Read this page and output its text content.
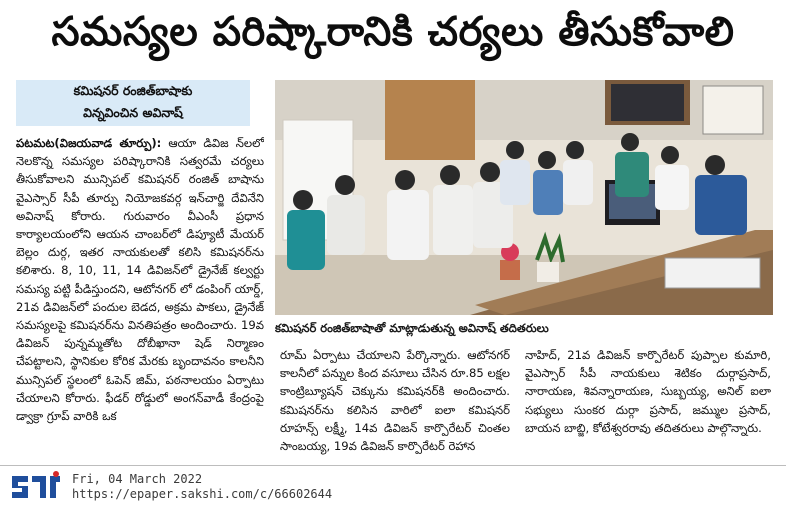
సమస్యల పరిష్కారానికి చర్యలు తీసుకోవాలి
కమిషనర్ రంజిత్‌బాషాకు
విన్నవించిన అవినాష్

పటమట(విజయవాడ తూర్పు): ఆయా డివిజ న్‌లలో నెలకొన్న సమస్యల పరిష్కారానికి సత్వరమే చర్యలు తీసుకోవాలని మున్సిపల్ కమిషనర్ రంజిత్ బాషాను వైఎస్సార్ సీపీ తూర్పు నియోజకవర్గ ఇన్‌చార్జి దేవినేని అవినాష్ కోరారు. గురువారం వీఎంసీ ప్రధాన కార్యాలయంలోని ఆయన చాంబర్‌లో డిప్యూటీ మేయర్ బెల్లం దుర్గ, ఇతర నాయకులతో కలిసి కమిషనర్‌ను కలిశారు. 8, 10, 11, 14 డివిజన్‌లో డ్రైనేజ్ కల్వర్టు సమస్య పట్టి పీడిస్తుందని, ఆటోనగర్ లో డంపింగ్ యార్డ్, 21వ డివిజన్‌లో పందుల బెడద, అక్రమ పాకలు, డ్రైనేజ్ సమస్యలపై కమిషనర్‌ను వినతిపత్రం అందించారు. 19వ డివిజన్ పున్నమ్మతోట దోబీఖానా షెడ్ నిర్మాణం చేపట్టాలని, స్థానికుల కోరిక మేరకు బృందావనం కాలనీని మున్సిపల్ స్థలంలో ఓపెన్ జిమ్, పఠనాలయం ఏర్పాటు చేయాలని కోరారు. ఫీడర్ రోడ్డులో అంగన్‌వాడీ కేంద్రంపై డ్వాక్రా గ్రూప్ వారికి ఒక

కమిషనర్ రంజిత్‌బాషాతో మాట్లాడుతున్న అవినాష్ తదితరులు

రూమ్ ఏర్పాటు చేయాలని పేర్కొన్నారు. ఆటోనగర్ కాలనీలో పన్నుల కింద వసూలు చేసిన రూ.85 లక్షల కాంట్రిబ్యూషన్ చెక్కును కమిషనర్‌కి అందించారు. కమిషనర్‌ను కలిసిన వారిలో ఐలా కమిషనర్ రూహన్స్ లక్ష్మీ, 14వ డివిజన్ కార్పొరేటర్ చింతల సాంబయ్య, 19వ డివిజన్ కార్పొరేటర్ రెహాన

నాహిద్, 21వ డివిజన్ కార్పొరేటర్ పుప్పాల కుమారి, వైఎస్సార్ సీపీ నాయకులు శెటికం దుర్గాప్రసాద్, నారాయణ, శివన్నారాయణ, సుబ్బయ్య, అనిల్ ఐలా సభ్యులు సుంకర దుర్గా ప్రసాద్, జమ్ముల ప్రసాద్, బాయన బాబ్జి, కోటేశ్వరరావు తదితరులు పాల్గొన్నారు.

Fri, 04 March 2022
https://epaper.sakshi.com/c/66602644
